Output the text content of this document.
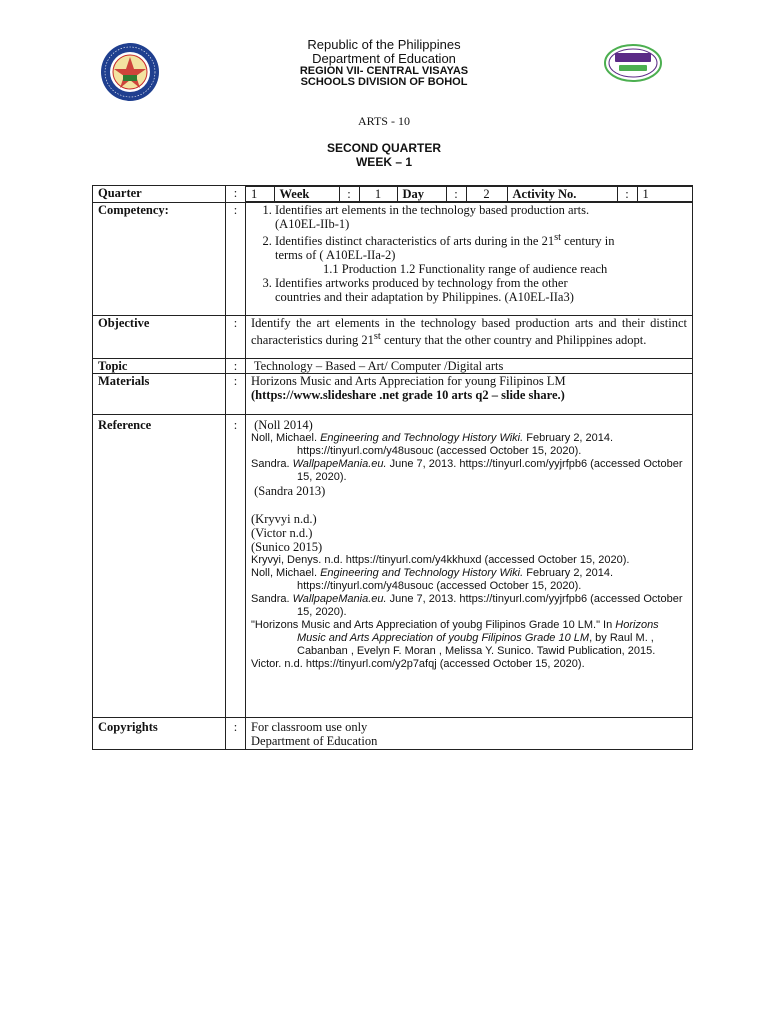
Republic of the Philippines
Department of Education
REGION VII- CENTRAL VISAYAS
SCHOOLS DIVISION OF BOHOL
ARTS - 10
SECOND QUARTER
WEEK – 1
Quarter	:	1	Week	:	1	Day	:	2	Activity No.	:	1

Competency:	:	
1.Identifies art elements in the technology based production arts.
(A10EL-IIb-1)
2. Identifies distinct characteristics of arts during in the 21st century in
terms of ( A10EL-IIa-2)
1.1 Production 1.2 Functionality range of audience reach
3. Identifies artworks produced by technology from the other
countries and their adaptation by Philippines. (A10EL-IIa3)

Objective	:	Identify the art elements in the technology based production arts and their distinct characteristics during 21st century that the other country and Philippines adopt.
Topic	:	Technology – Based – Art/ Computer /Digital arts
Materials	:	Horizons Music and Arts Appreciation for young Filipinos LM
(https://www.slideshare .net grade 10 arts q2 – slide share.)

Reference	:	(Noll 2014)
Noll, Michael. Engineering and Technology History Wiki. February 2, 2014. https://tinyurl.com/y48usouc (accessed October 15, 2020).
Sandra. WallpapeMania.eu. June 7, 2013. https://tinyurl.com/yyjrfpb6 (accessed October 15, 2020).
(Sandra 2013)
(Kryvyi n.d.)
(Victor n.d.)
(Sunico 2015)
Kryvyi, Denys. n.d. https://tinyurl.com/y4kkhuxd (accessed October 15, 2020).
Noll, Michael. Engineering and Technology History Wiki. February 2, 2014. https://tinyurl.com/y48usouc (accessed October 15, 2020).
Sandra. WallpapeMania.eu. June 7, 2013. https://tinyurl.com/yyjrfpb6 (accessed October 15, 2020).
"Horizons Music and Arts Appreciation of youbg Filipinos Grade 10 LM." In Horizons Music and Arts Appreciation of youbg Filipinos Grade 10 LM, by Raul M. , Cabanban , Evelyn F. Moran , Melissa Y. Sunico. Tawid Publication, 2015.
Victor. n.d. https://tinyurl.com/y2p7afqj (accessed October 15, 2020).

Copyrights	:	For classroom use only
Department of Education
